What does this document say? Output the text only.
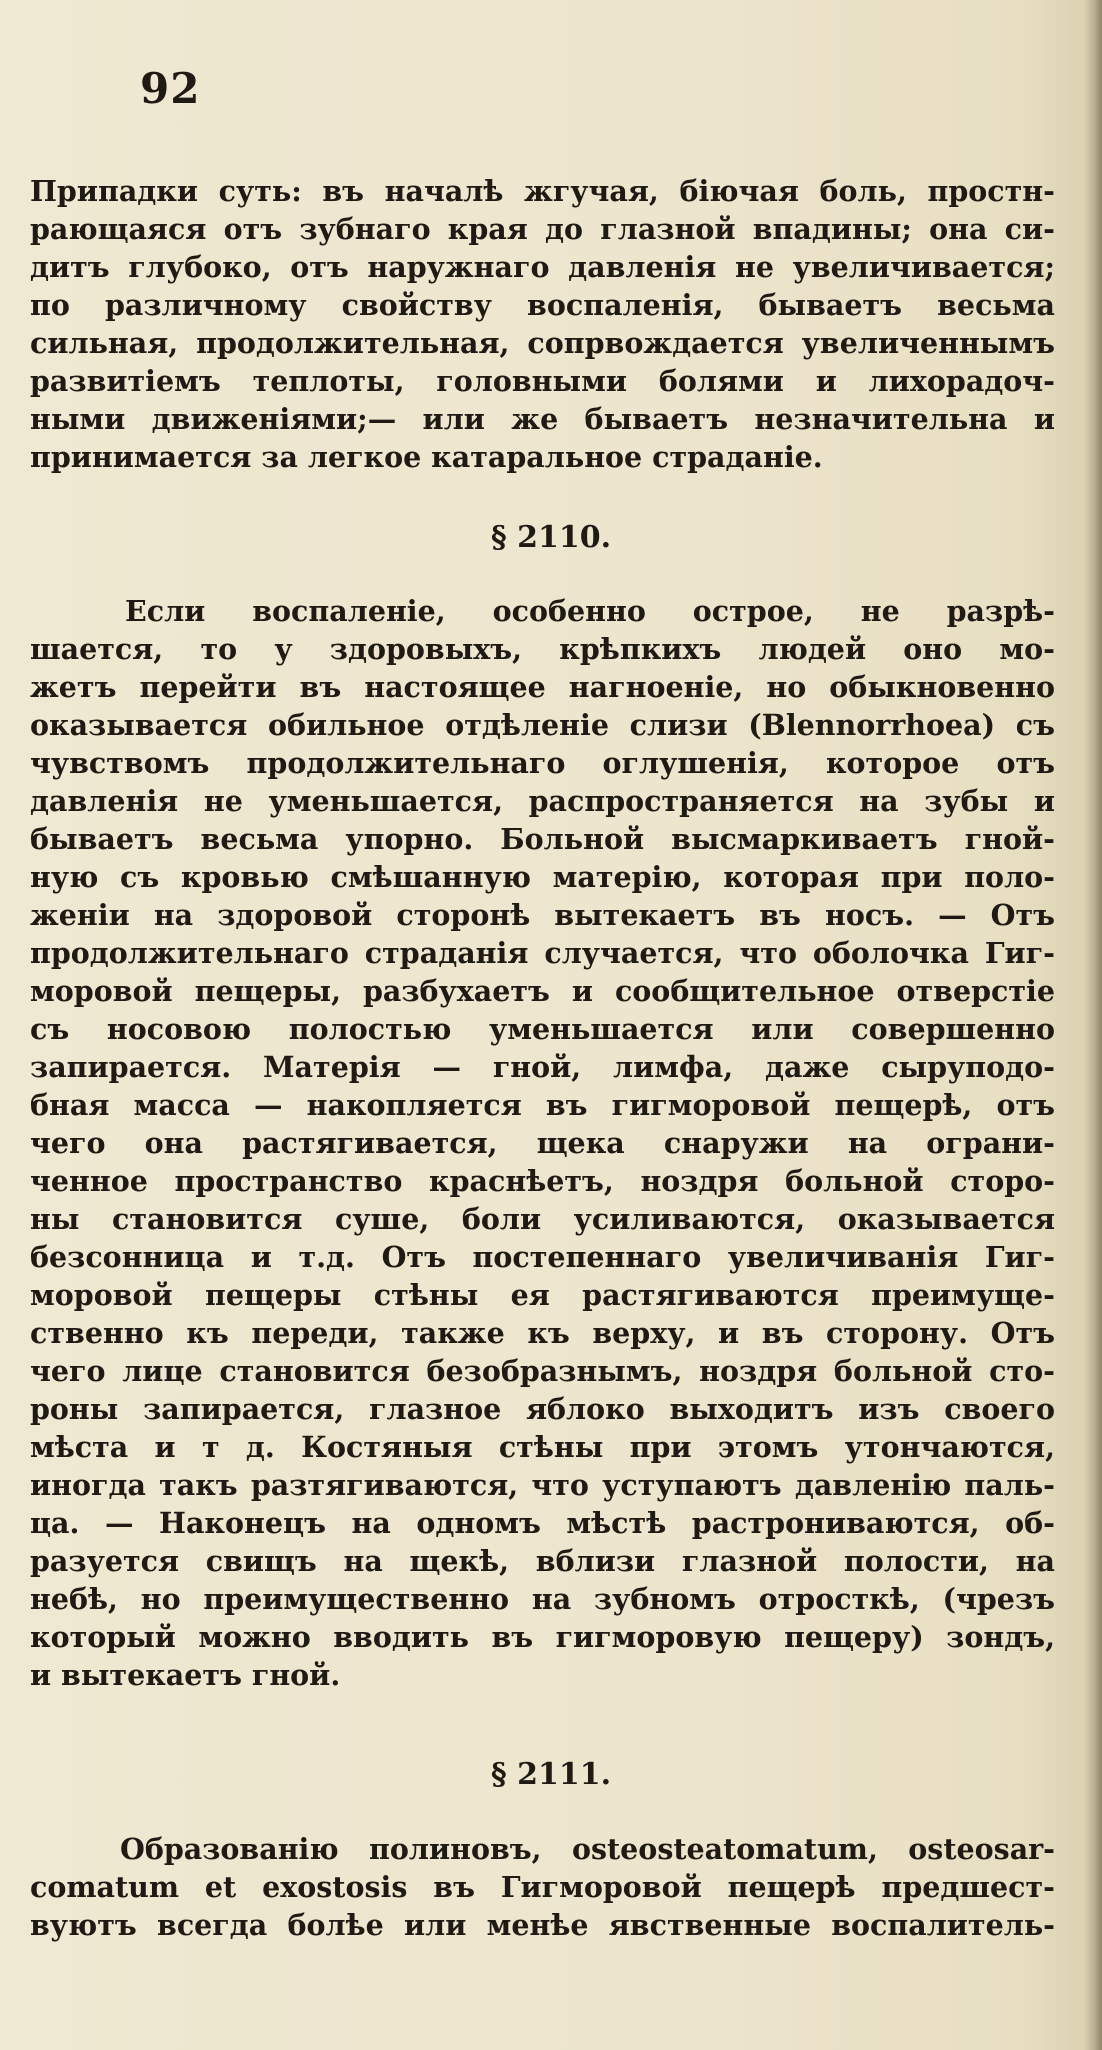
92

Припадки суть: въ началѣ жгучая, біючая боль, простн-
рающаяся отъ зубнаго края до глазной впадины; она си-
дитъ глубоко, отъ наружнаго давленія не увеличивается;
по различному свойству воспаленія, бываетъ весьма
сильная, продолжительная, сопрвождается увеличеннымъ
развитіемъ теплоты, головными болями и лихорадоч-
ными движеніями;— или же бываетъ незначительна и
принимается за легкое катаральное страданіе.

§ 2110.

Если воспаленіе, особенно острое, не разрѣ-
шается, то у здоровыхъ, крѣпкихъ людей оно мо-
жетъ перейти въ настоящее нагноеніе, но обыкновенно
оказывается обильное отдѣленіе слизи (Blennorrhoea) съ
чувствомъ продолжительнаго оглушенія, которое отъ
давленія не уменьшается, распространяется на зубы и
бываетъ весьма упорно. Больной высмаркиваетъ гной-
ную съ кровью смѣшанную матерію, которая при поло-
женіи на здоровой сторонѣ вытекаетъ въ носъ. — Отъ
продолжительнаго страданія случается, что оболочка Гиг-
моровой пещеры, разбухаетъ и сообщительное отверстіе
съ носовою полостью уменьшается или совершенно
запирается. Матерія — гной, лимфа, даже сыруподо-
бная масса — накопляется въ гигморовой пещерѣ, отъ
чего она растягивается, щека снаружи на ограни-
ченное пространство краснѣетъ, ноздря больной сторо-
ны становится суше, боли усиливаются, оказывается
безсонница и т.д. Отъ постепеннаго увеличиванія Гиг-
моровой пещеры стѣны ея растягиваются преимуще-
ственно къ переди, также къ верху, и въ сторону. Отъ
чего лице становится безобразнымъ, ноздря больной сто-
роны запирается, глазное яблоко выходитъ изъ своего
мѣста и т д. Костяныя стѣны при этомъ утончаются,
иногда такъ разтягиваются, что уступаютъ давленію паль-
ца. — Наконецъ на одномъ мѣстѣ растрониваются, об-
разуется свищъ на щекѣ, вблизи глазной полости, на
небѣ, но преимущественно на зубномъ отросткѣ, (чрезъ
который можно вводить въ гигморовую пещеру) зондъ,
и вытекаетъ гной.

§ 2111.

Образованію полиновъ, osteosteatomatum, osteosar-
comatum et exostosis въ Гигморовой пещерѣ предшест-
вуютъ всегда болѣе или менѣе явственные воспалитель-
